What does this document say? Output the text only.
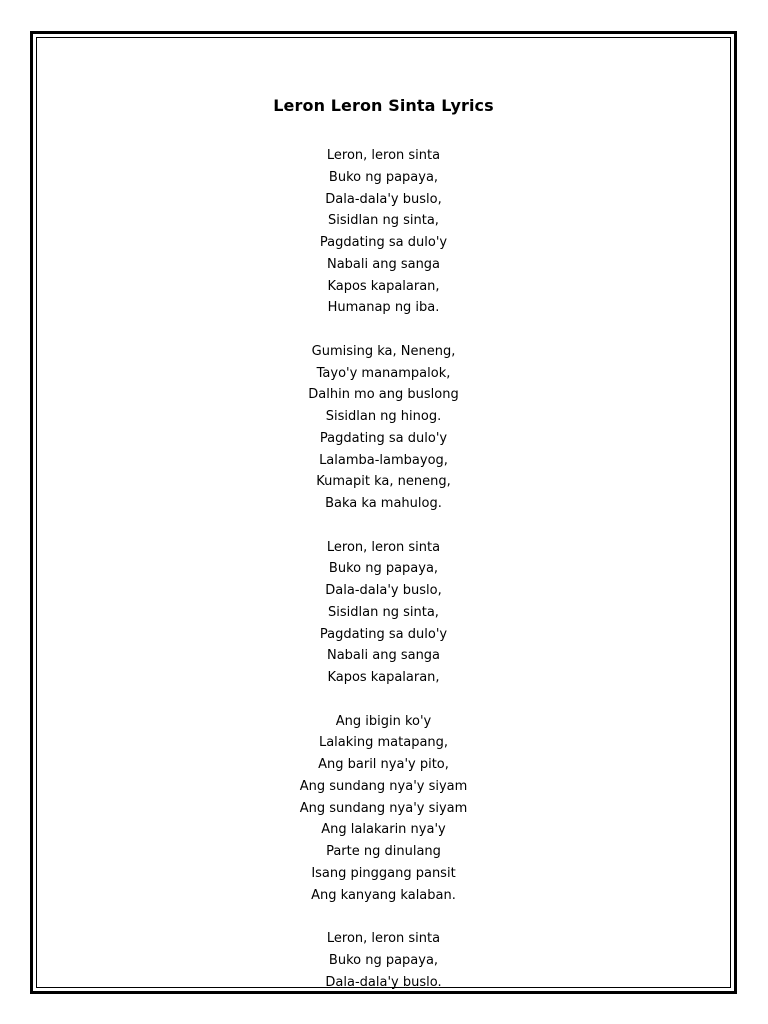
Leron Leron Sinta Lyrics
Leron, leron sinta
Buko ng papaya,
Dala-dala'y buslo,
Sisidlan ng sinta,
Pagdating sa dulo'y
Nabali ang sanga
Kapos kapalaran,
Humanap ng iba.
Gumising ka, Neneng,
Tayo'y manampalok,
Dalhin mo ang buslong
Sisidlan ng hinog.
Pagdating sa dulo'y
Lalamba-lambayog,
Kumapit ka, neneng,
Baka ka mahulog.
Leron, leron sinta
Buko ng papaya,
Dala-dala'y buslo,
Sisidlan ng sinta,
Pagdating sa dulo'y
Nabali ang sanga
Kapos kapalaran,
Ang ibigin ko'y
Lalaking matapang,
Ang baril nya'y pito,
Ang sundang nya'y siyam
Ang sundang nya'y siyam
Ang lalakarin nya'y
Parte ng dinulang
Isang pinggang pansit
Ang kanyang kalaban.
Leron, leron sinta
Buko ng papaya,
Dala-dala'y buslo.
